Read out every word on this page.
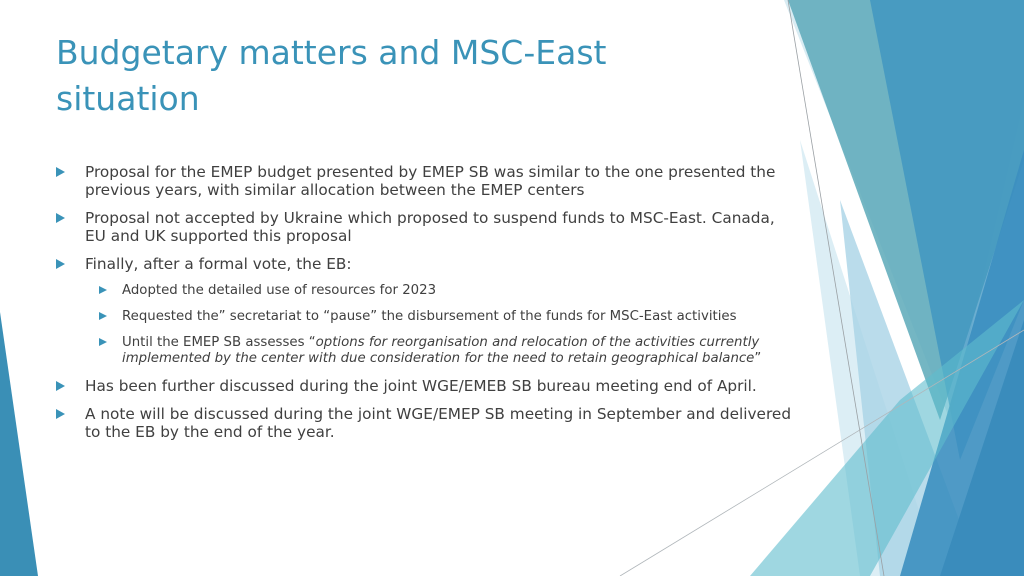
Budgetary matters and MSC-East situation
Proposal for the EMEP budget presented by EMEP SB was similar to the one presented the previous years, with similar allocation between the EMEP centers
Proposal not accepted by Ukraine which proposed to suspend funds to MSC-East. Canada, EU and UK supported this proposal
Finally, after a formal vote, the EB:
Adopted the detailed use of resources for 2023
Requested the” secretariat to “pause” the disbursement of the funds for MSC-East activities
Until the EMEP SB assesses “options for reorganisation and relocation of the activities currently implemented by the center with due consideration for the need to retain geographical balance”
Has been further discussed during the joint WGE/EMEB SB bureau meeting end of April.
A note will be discussed during the joint WGE/EMEP SB meeting in September and delivered to the EB by the end of the year.
